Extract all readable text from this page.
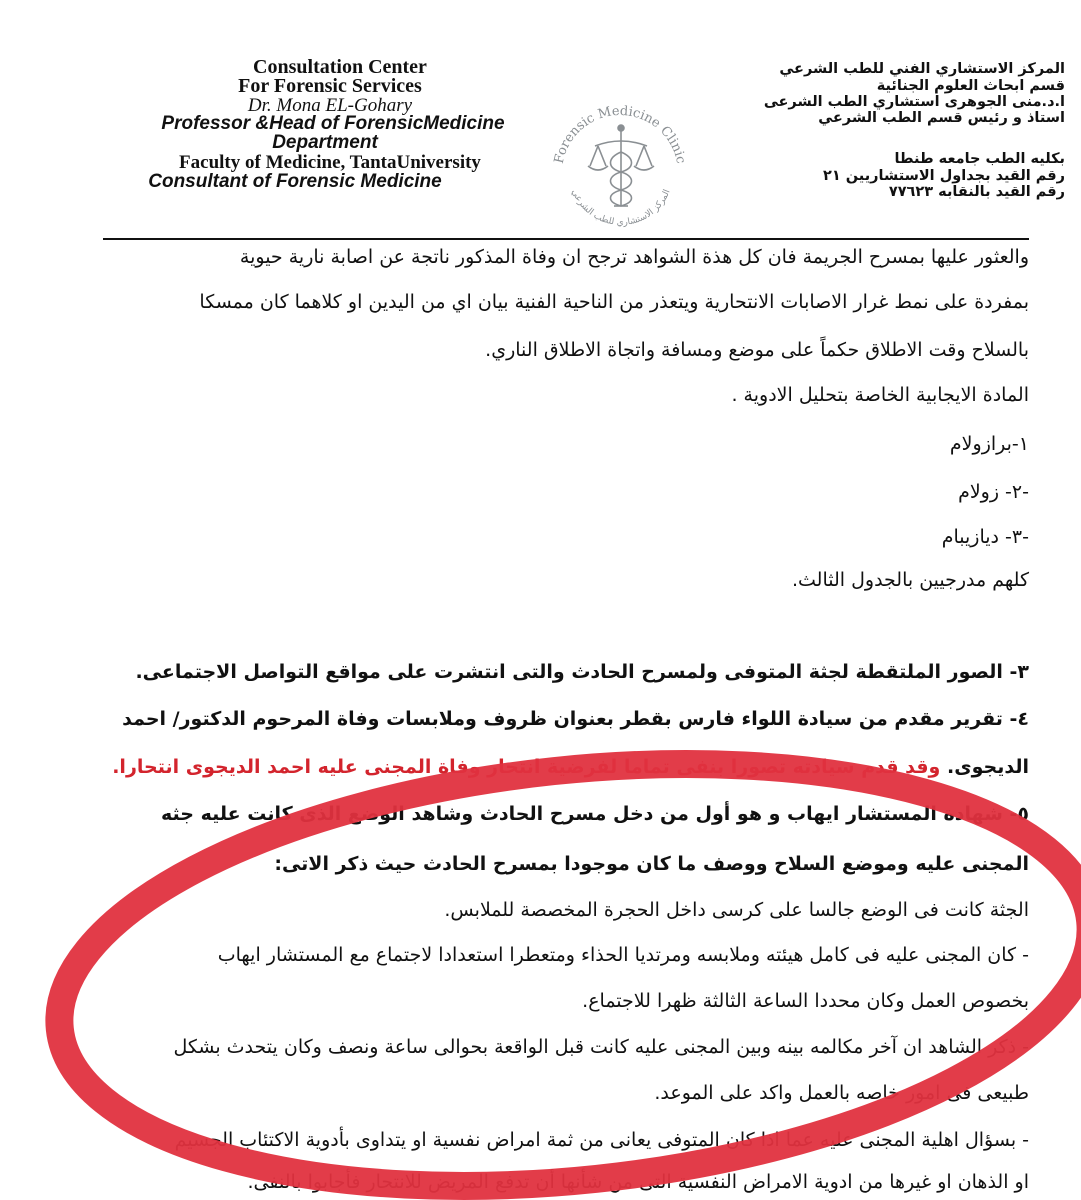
Consultation Center
For Forensic Services
Dr. Mona EL-Gohary
Professor &Head of ForensicMedicine
Department
Faculty of Medicine, TantaUniversity
Consultant of Forensic Medicine
Forensic Medicine Clinic
المركز الاستشاري للطب الشرعي
المركز الاستشاري الفني للطب الشرعي
قسم ابحاث العلوم الجنائية
ا.د.منى الجوهرى استشاري الطب الشرعى
استاذ و رئيس قسم الطب الشرعي
بكليه الطب جامعه طنطا
رقم القيد بجداول الاستشاريين ٢١
رقم القيد بالنقابه ٧٧٦٢٣
والعثور عليها بمسرح الجريمة فان كل هذة الشواهد ترجح ان وفاة المذكور ناتجة عن اصابة نارية حيوية
بمفردة على نمط غرار الاصابات الانتحارية ويتعذر من الناحية الفنية بيان اي من اليدين او كلاهما كان ممسكا
بالسلاح وقت الاطلاق حكماً على موضع ومسافة واتجاة الاطلاق الناري.
المادة الايجابية الخاصة بتحليل الادوية .
١-برازولام
-٢- زولام
-٣- ديازيبام
كلهم مدرجيين بالجدول الثالث.
٣- الصور الملتقطة لجثة المتوفى ولمسرح الحادث والتى انتشرت على مواقع التواصل الاجتماعى.
٤- تقرير مقدم من سيادة اللواء فارس بقطر بعنوان ظروف وملابسات وفاة المرحوم الدكتور/ احمد
الديجوى. وقد قدم سيادته تصورا بنفى تماما لفرضية انتحار وفاة المجنى عليه احمد الديجوى انتحارا.
٥- شهادة المستشار ايهاب و هو أول من دخل مسرح الحادث وشاهد الوضع الذى كانت عليه جثه
المجنى عليه وموضع السلاح ووصف ما كان موجودا بمسرح الحادث حيث ذكر الاتى:
الجثة كانت فى الوضع جالسا على كرسى داخل الحجرة المخصصة للملابس.
- كان المجنى عليه فى كامل هيئته وملابسه ومرتديا الحذاء ومتعطرا استعدادا لاجتماع مع المستشار ايهاب
بخصوص العمل وكان محددا الساعة الثالثة ظهرا للاجتماع.
- ذكر الشاهد ان آخر مكالمه بينه وبين المجنى عليه كانت قبل الواقعة بحوالى ساعة ونصف وكان يتحدث بشكل
طبيعى فى امور خاصه بالعمل واكد على الموعد.
- بسؤال اهلية المجنى عليه عما اذا كان المتوفى يعانى من ثمة امراض نفسية او يتداوى بأدوية الاكتئاب الجسيم
او الذهان او غيرها من ادوية الامراض النفسية التى من شأنها أن تدفع المريض للانتحار فأجابوا بالنفى.
